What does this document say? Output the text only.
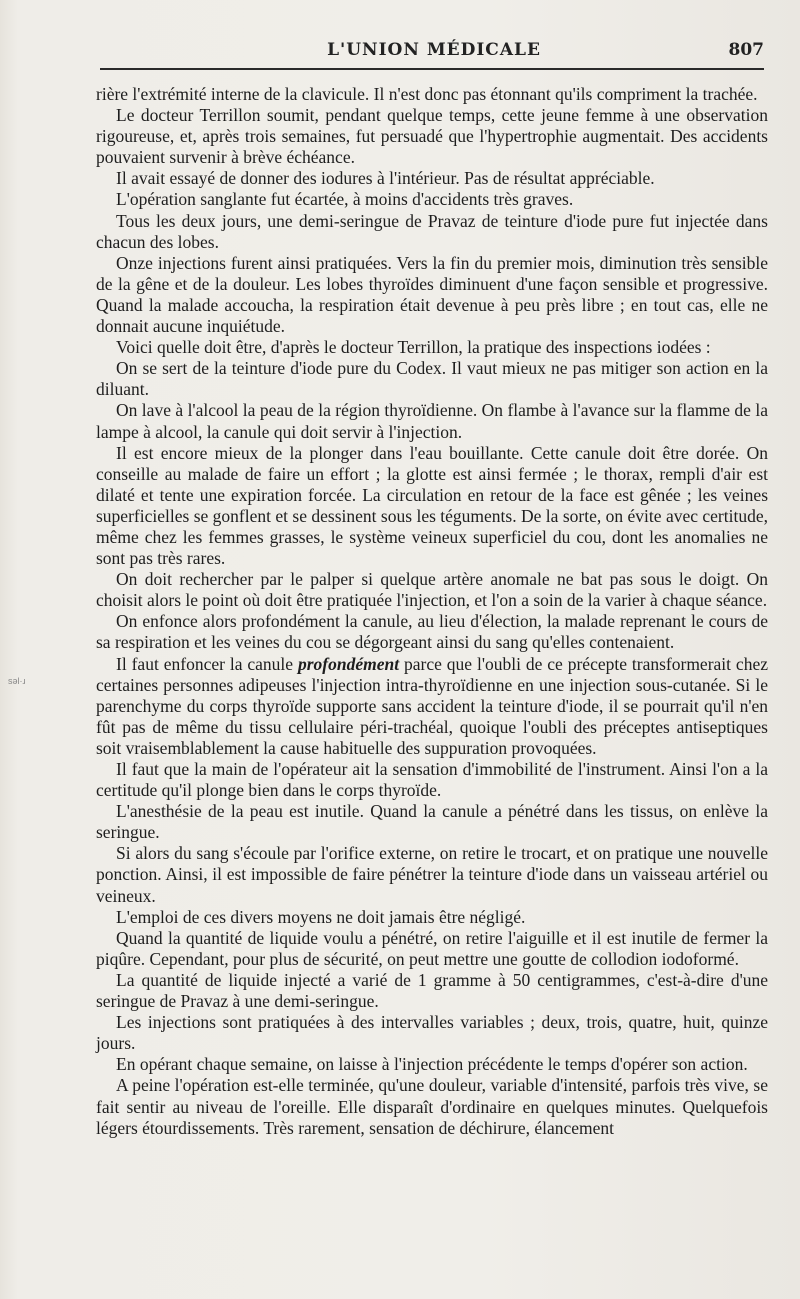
L'UNION MÉDICALE	807
sǝl·ɹ

rière l'extrémité interne de la clavicule. Il n'est donc pas étonnant qu'ils compriment la trachée.

Le docteur Terrillon soumit, pendant quelque temps, cette jeune femme à une observation rigoureuse, et, après trois semaines, fut persuadé que l'hypertrophie augmentait. Des accidents pouvaient survenir à brève échéance.

Il avait essayé de donner des iodures à l'intérieur. Pas de résultat appréciable.

L'opération sanglante fut écartée, à moins d'accidents très graves.

Tous les deux jours, une demi-seringue de Pravaz de teinture d'iode pure fut injectée dans chacun des lobes.

Onze injections furent ainsi pratiquées. Vers la fin du premier mois, diminution très sensible de la gêne et de la douleur. Les lobes thyroïdes diminuent d'une façon sensible et progressive. Quand la malade accoucha, la respiration était devenue à peu près libre ; en tout cas, elle ne donnait aucune inquiétude.

Voici quelle doit être, d'après le docteur Terrillon, la pratique des inspections iodées :

On se sert de la teinture d'iode pure du Codex. Il vaut mieux ne pas mitiger son action en la diluant.

On lave à l'alcool la peau de la région thyroïdienne. On flambe à l'avance sur la flamme de la lampe à alcool, la canule qui doit servir à l'injection.

Il est encore mieux de la plonger dans l'eau bouillante. Cette canule doit être dorée. On conseille au malade de faire un effort ; la glotte est ainsi fermée ; le thorax, rempli d'air est dilaté et tente une expiration forcée. La circulation en retour de la face est gênée ; les veines superficielles se gonflent et se dessinent sous les téguments. De la sorte, on évite avec certitude, même chez les femmes grasses, le système veineux superficiel du cou, dont les anomalies ne sont pas très rares.

On doit rechercher par le palper si quelque artère anomale ne bat pas sous le doigt. On choisit alors le point où doit être pratiquée l'injection, et l'on a soin de la varier à chaque séance.

On enfonce alors profondément la canule, au lieu d'élection, la malade reprenant le cours de sa respiration et les veines du cou se dégorgeant ainsi du sang qu'elles contenaient.

Il faut enfoncer la canule profondément parce que l'oubli de ce précepte transformerait chez certaines personnes adipeuses l'injection intra-thyroïdienne en une injection sous-cutanée. Si le parenchyme du corps thyroïde supporte sans accident la teinture d'iode, il se pourrait qu'il n'en fût pas de même du tissu cellulaire péri-trachéal, quoique l'oubli des préceptes antiseptiques soit vraisemblablement la cause habituelle des suppuration provoquées.

Il faut que la main de l'opérateur ait la sensation d'immobilité de l'instrument. Ainsi l'on a la certitude qu'il plonge bien dans le corps thyroïde.

L'anesthésie de la peau est inutile. Quand la canule a pénétré dans les tissus, on enlève la seringue.

Si alors du sang s'écoule par l'orifice externe, on retire le trocart, et on pratique une nouvelle ponction. Ainsi, il est impossible de faire pénétrer la teinture d'iode dans un vaisseau artériel ou veineux.

L'emploi de ces divers moyens ne doit jamais être négligé.

Quand la quantité de liquide voulu a pénétré, on retire l'aiguille et il est inutile de fermer la piqûre. Cependant, pour plus de sécurité, on peut mettre une goutte de collodion iodoformé.

La quantité de liquide injecté a varié de 1 gramme à 50 centigrammes, c'est-à-dire d'une seringue de Pravaz à une demi-seringue.

Les injections sont pratiquées à des intervalles variables ; deux, trois, quatre, huit, quinze jours.

En opérant chaque semaine, on laisse à l'injection précédente le temps d'opérer son action.

A peine l'opération est-elle terminée, qu'une douleur, variable d'intensité, parfois très vive, se fait sentir au niveau de l'oreille. Elle disparaît d'ordinaire en quelques minutes. Quelquefois légers étourdissements. Très rarement, sensation de déchirure, élancement
